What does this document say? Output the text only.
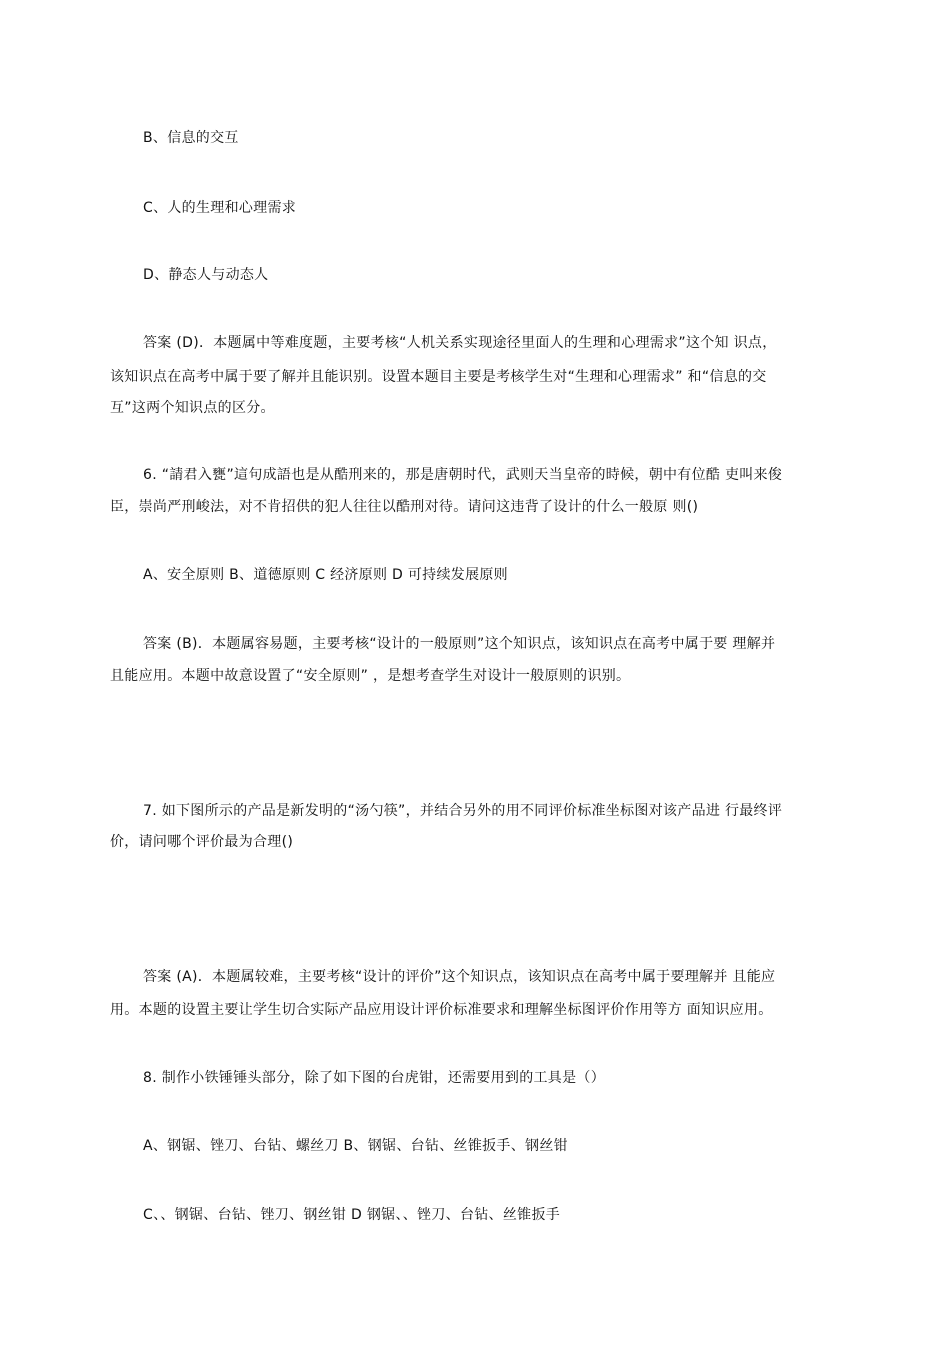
B、信息的交互

C、人的生理和心理需求

D、静态人与动态人

答案 (D)．本题属中等难度题，主要考核“人机关系实现途径里面人的生理和心理需求”这个知 识点，

该知识点在高考中属于要了解并且能识别。设置本题目主要是考核学生对“生理和心理需求” 和“信息的交

互”这两个知识点的区分。

6. “請君入甕”這句成語也是从酷刑来的，那是唐朝时代，武则天当皇帝的時候，朝中有位酷 吏叫来俊

臣，崇尚严刑峻法，对不肯招供的犯人往往以酷刑对待。请问这违背了设计的什么一般原 则()

A、安全原则 B、道德原则 C 经济原则 D 可持续发展原则

答案 (B)．本题属容易题，主要考核“设计的一般原则”这个知识点，该知识点在高考中属于要 理解并

且能应用。本题中故意设置了“安全原则” ，是想考查学生对设计一般原则的识别。

7. 如下图所示的产品是新发明的“汤勺筷”，并结合另外的用不同评价标准坐标图对该产品进 行最终评

价，请问哪个评价最为合理()

答案 (A)．本题属较难，主要考核“设计的评价”这个知识点，该知识点在高考中属于要理解并 且能应

用。本题的设置主要让学生切合实际产品应用设计评价标准要求和理解坐标图评价作用等方 面知识应用。

8. 制作小铁锤锤头部分，除了如下图的台虎钳，还需要用到的工具是（）

A、钢锯、锉刀、台钻、螺丝刀 B、钢锯、台钻、丝锥扳手、钢丝钳

C、、钢锯、台钻、锉刀、钢丝钳 D 钢锯、、锉刀、台钻、丝锥扳手
